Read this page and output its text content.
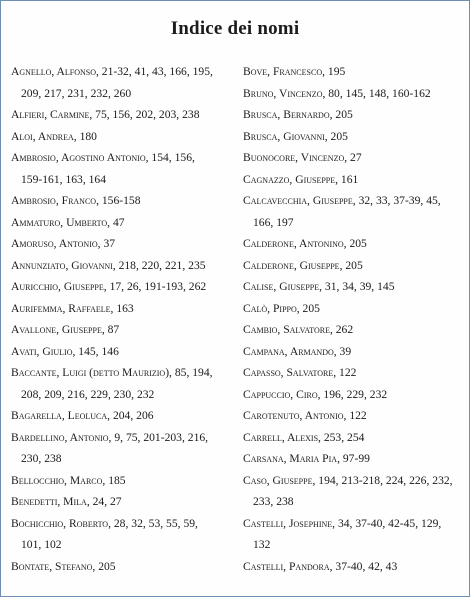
Indice dei nomi

Agnello, Alfonso, 21-32, 41, 43, 166, 195,
209, 217, 231, 232, 260

Alfieri, Carmine, 75, 156, 202, 203, 238

Aloi, Andrea, 180

Ambrosio, Agostino Antonio, 154, 156,
159-161, 163, 164

Ambrosio, Franco, 156-158

Ammaturo, Umberto, 47

Amoruso, Antonio, 37

Annunziato, Giovanni, 218, 220, 221, 235

Auricchio, Giuseppe, 17, 26, 191-193, 262

Aurifemma, Raffaele, 163

Avallone, Giuseppe, 87

Avati, Giulio, 145, 146

Baccante, Luigi (detto Maurizio), 85, 194,
208, 209, 216, 229, 230, 232

Bagarella, Leoluca, 204, 206

Bardellino, Antonio, 9, 75, 201-203, 216,
230, 238

Bellocchio, Marco, 185

Benedetti, Mila, 24, 27

Bochicchio, Roberto, 28, 32, 53, 55, 59,
101, 102

Bontate, Stefano, 205

Bove, Francesco, 195

Bruno, Vincenzo, 80, 145, 148, 160-162

Brusca, Bernardo, 205

Brusca, Giovanni, 205

Buonocore, Vincenzo, 27

Cagnazzo, Giuseppe, 161

Calcavecchia, Giuseppe, 32, 33, 37-39, 45,
166, 197

Calderone, Antonino, 205

Calderone, Giuseppe, 205

Calise, Giuseppe, 31, 34, 39, 145

Calò, Pippo, 205

Cambio, Salvatore, 262

Campana, Armando, 39

Capasso, Salvatore, 122

Cappuccio, Ciro, 196, 229, 232

Carotenuto, Antonio, 122

Carrell, Alexis, 253, 254

Carsana, Maria Pia, 97-99

Caso, Giuseppe, 194, 213-218, 224, 226, 232,
233, 238

Castelli, Josephine, 34, 37-40, 42-45, 129,
132

Castelli, Pandora, 37-40, 42, 43
